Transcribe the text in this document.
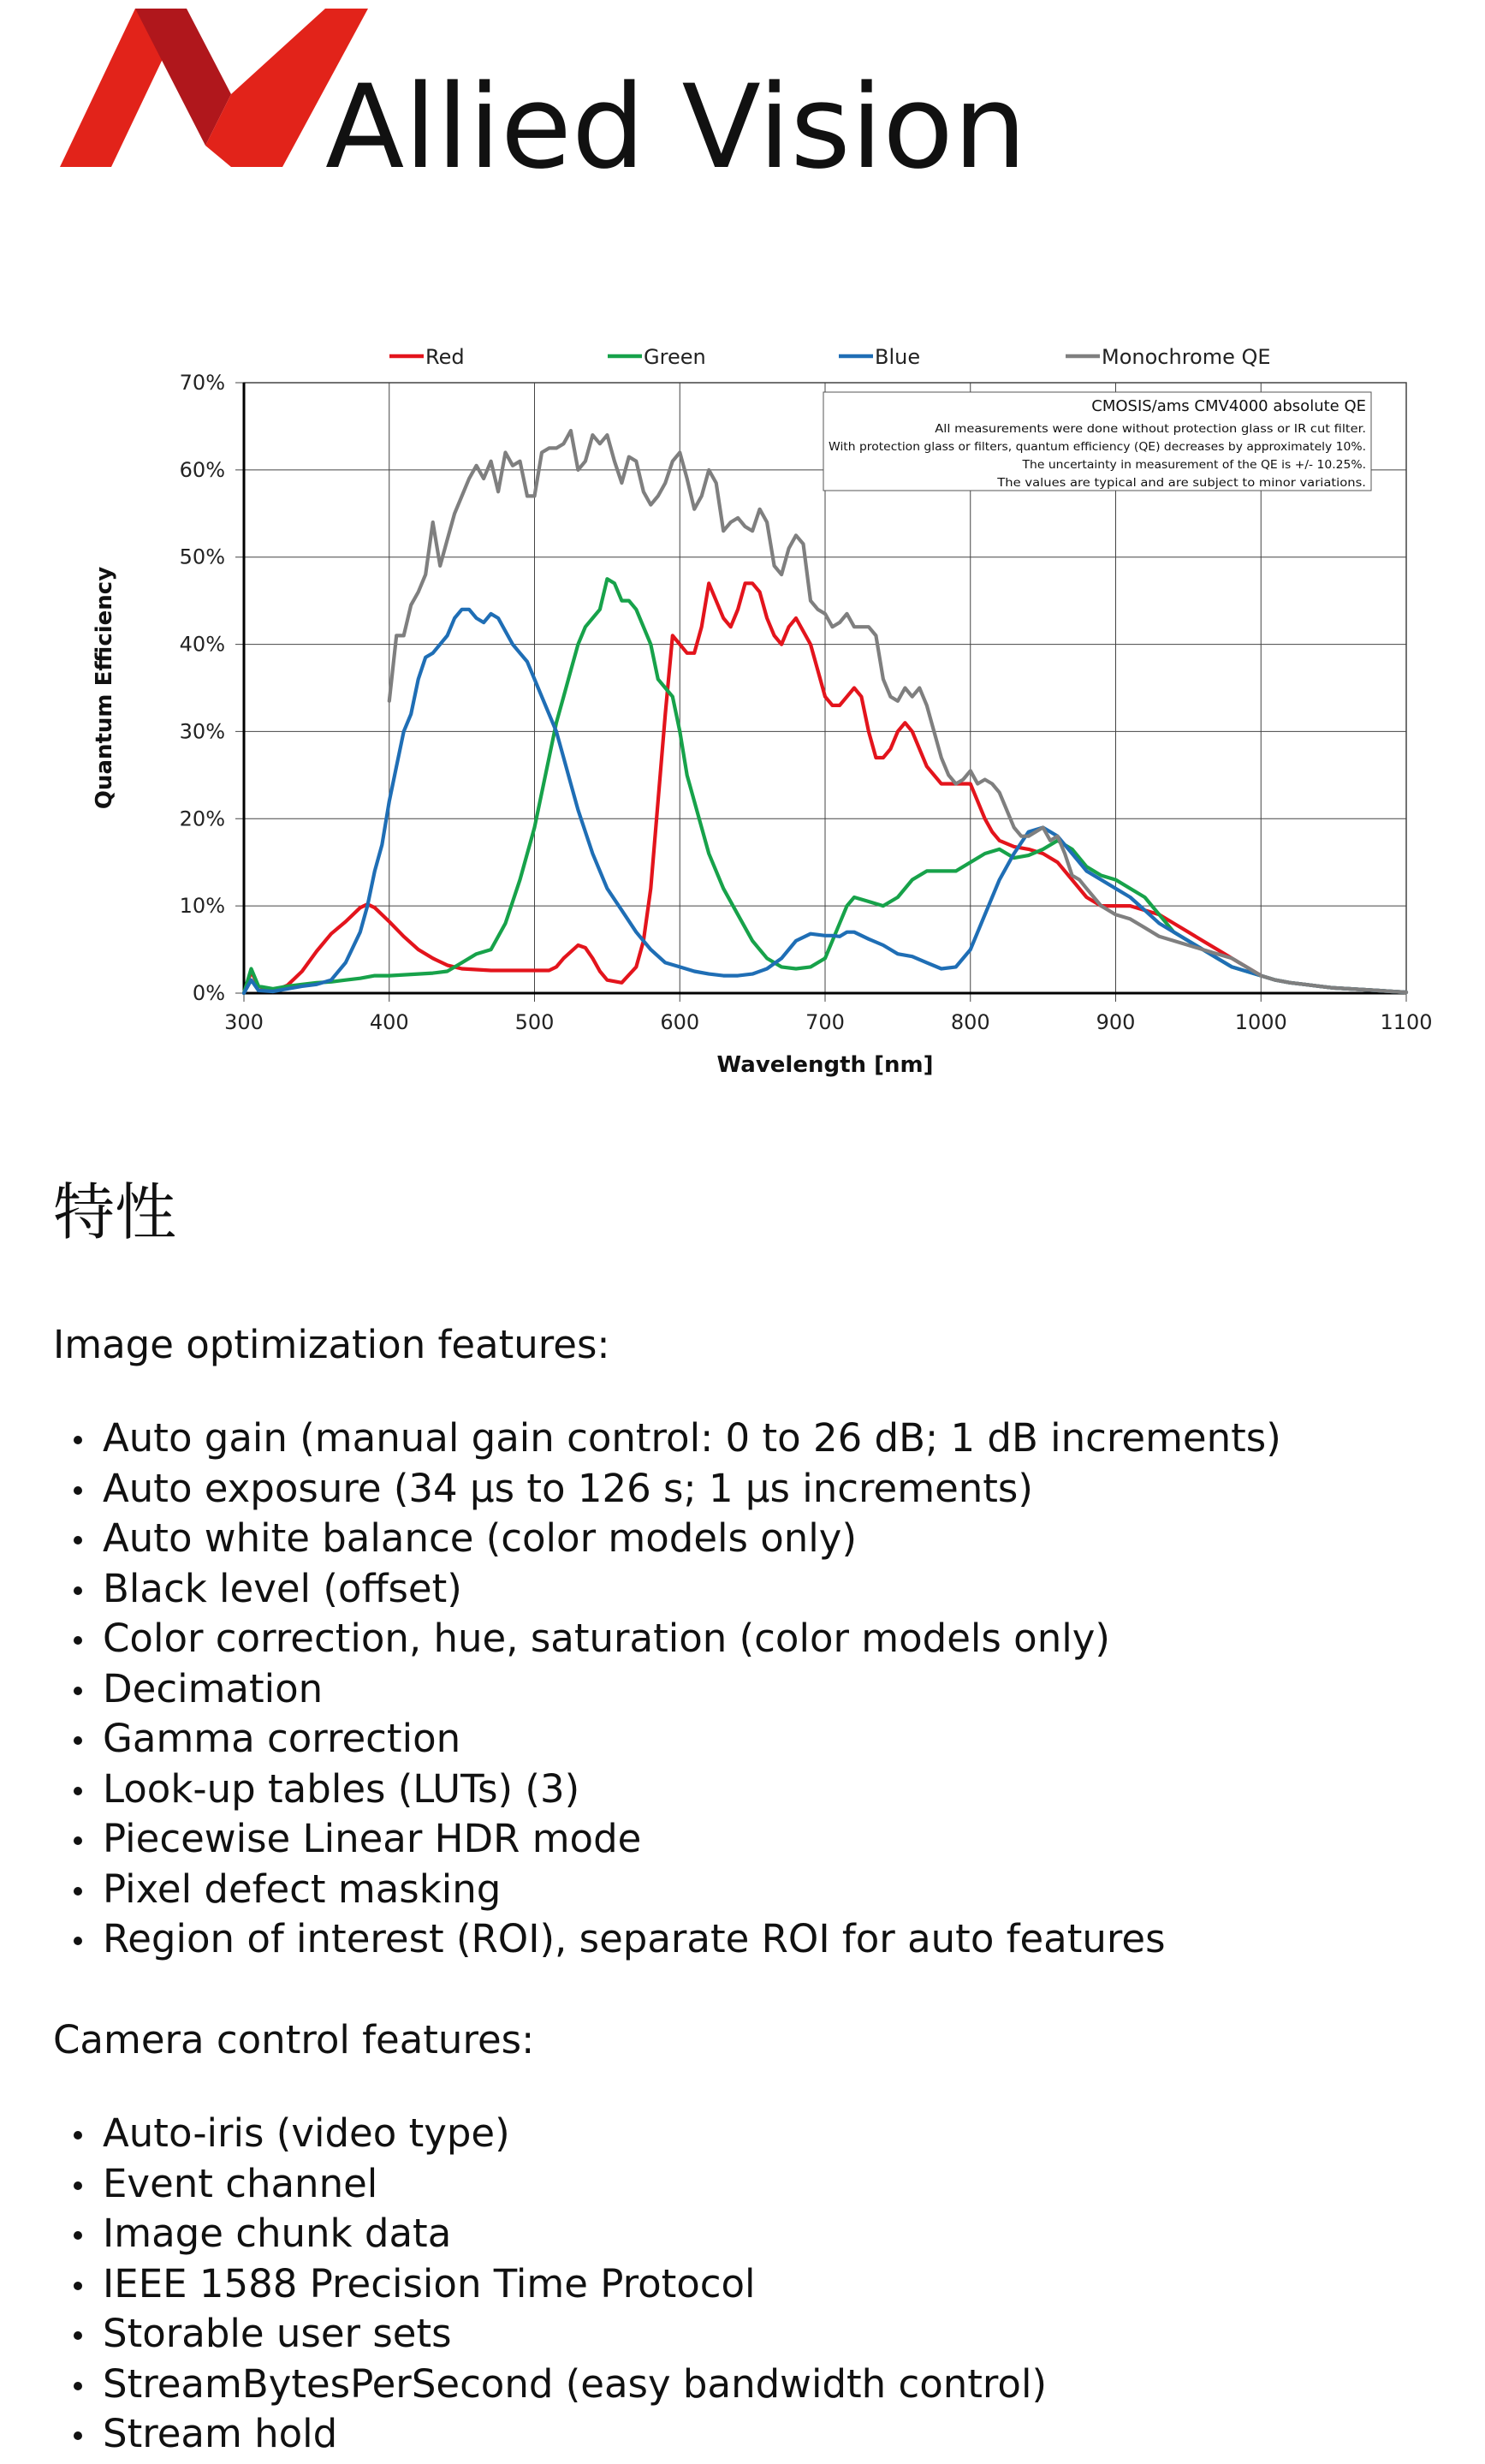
Allied Vision
0%
10%
20%
30%
40%
50%
60%
70%
300	400	500	600	700	800	900	1000	1100
Wavelength [nm]
Quantum Efficiency
CMOSIS/ams CMV4000 absolute QE
All measurements were done without protection glass or IR cut filter.
With protection glass or filters, quantum efficiency (QE) decreases by approximately 10%.
The uncertainty in measurement of the QE is +/- 10.25%.
The values are typical and are subject to minor variations.
Red	Green	Blue	Monochrome QE
特性

Image optimization features:

Auto gain (manual gain control: 0 to 26 dB; 1 dB increments)
Auto exposure (34 µs to 126 s; 1 µs increments)
Auto white balance (color models only)
Black level (offset)
Color correction, hue, saturation (color models only)
Decimation
Gamma correction
Look-up tables (LUTs) (3)
Piecewise Linear HDR mode
Pixel defect masking
Region of interest (ROI), separate ROI for auto features

Camera control features:

Auto-iris (video type)
Event channel
Image chunk data
IEEE 1588 Precision Time Protocol
Storable user sets
StreamBytesPerSecond (easy bandwidth control)
Stream hold
